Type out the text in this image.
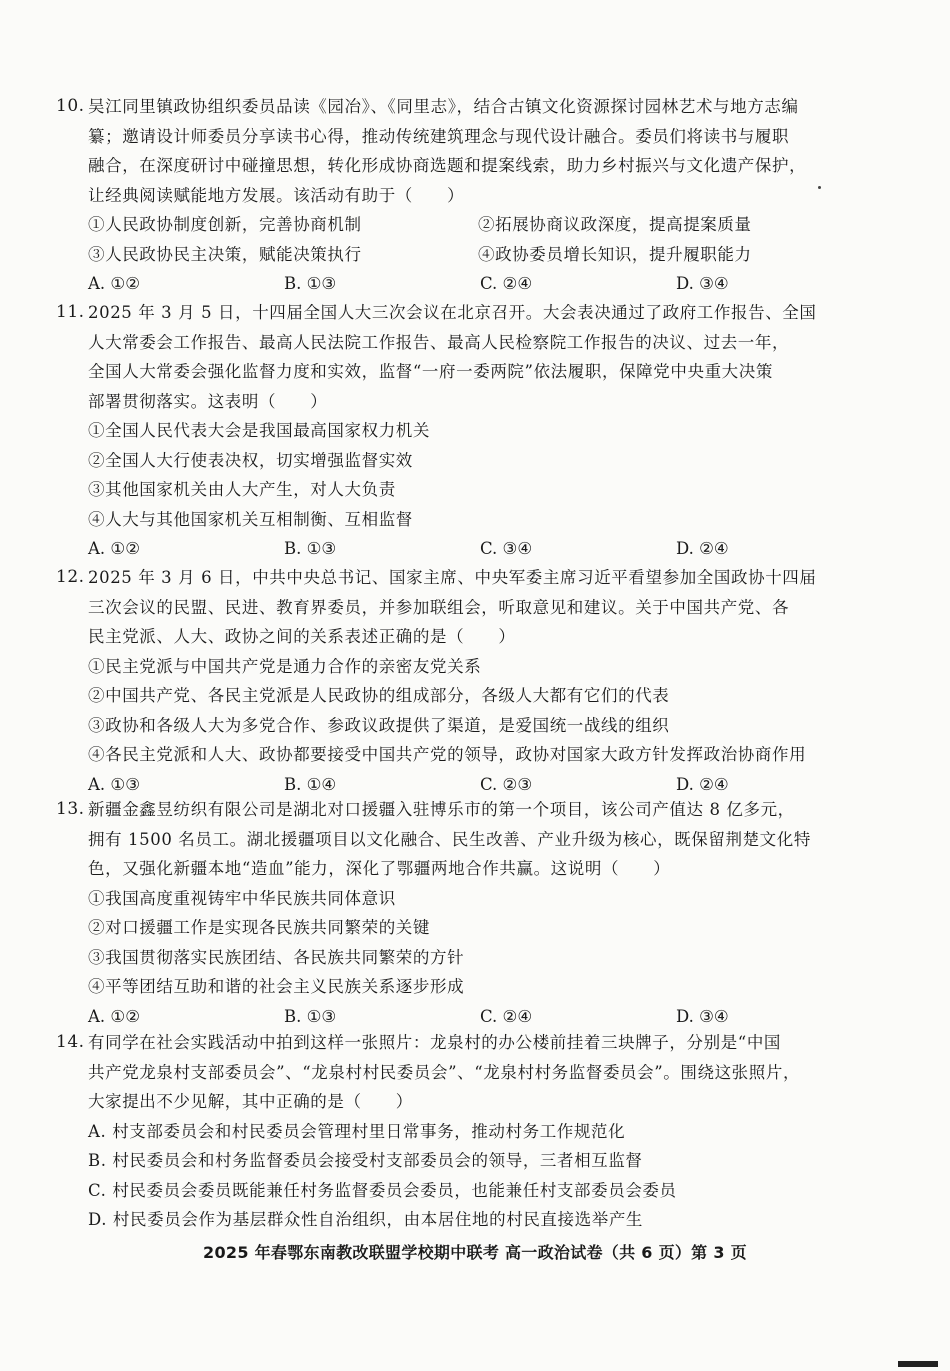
10. 吴江同里镇政协组织委员品读《园冶》、《同里志》，结合古镇文化资源探讨园林艺术与地方志编
纂；邀请设计师委员分享读书心得，推动传统建筑理念与现代设计融合。委员们将读书与履职
融合，在深度研讨中碰撞思想，转化形成协商选题和提案线索，助力乡村振兴与文化遗产保护，
让经典阅读赋能地方发展。该活动有助于（　　）
①人民政协制度创新，完善协商机制	②拓展协商议政深度，提高提案质量
③人民政协民主决策，赋能决策执行	④政协委员增长知识，提升履职能力
A. ①②	B. ①③	C. ②④	D. ③④
11. 2025 年 3 月 5 日，十四届全国人大三次会议在北京召开。大会表决通过了政府工作报告、全国
人大常委会工作报告、最高人民法院工作报告、最高人民检察院工作报告的决议、过去一年，
全国人大常委会强化监督力度和实效，监督“一府一委两院”依法履职，保障党中央重大决策
部署贯彻落实。这表明（　　）
①全国人民代表大会是我国最高国家权力机关
②全国人大行使表决权，切实增强监督实效
③其他国家机关由人大产生，对人大负责
④人大与其他国家机关互相制衡、互相监督
A. ①②	B. ①③	C. ③④	D. ②④
12. 2025 年 3 月 6 日，中共中央总书记、国家主席、中央军委主席习近平看望参加全国政协十四届
三次会议的民盟、民进、教育界委员，并参加联组会，听取意见和建议。关于中国共产党、各
民主党派、人大、政协之间的关系表述正确的是（　　）
①民主党派与中国共产党是通力合作的亲密友党关系
②中国共产党、各民主党派是人民政协的组成部分，各级人大都有它们的代表
③政协和各级人大为多党合作、参政议政提供了渠道，是爱国统一战线的组织
④各民主党派和人大、政协都要接受中国共产党的领导，政协对国家大政方针发挥政治协商作用
A. ①③	B. ①④	C. ②③	D. ②④
13. 新疆金鑫昱纺织有限公司是湖北对口援疆入驻博乐市的第一个项目，该公司产值达 8 亿多元，
拥有 1500 名员工。湖北援疆项目以文化融合、民生改善、产业升级为核心，既保留荆楚文化特
色，又强化新疆本地“造血”能力，深化了鄂疆两地合作共赢。这说明（　　）
①我国高度重视铸牢中华民族共同体意识
②对口援疆工作是实现各民族共同繁荣的关键
③我国贯彻落实民族团结、各民族共同繁荣的方针
④平等团结互助和谐的社会主义民族关系逐步形成
A. ①②	B. ①③	C. ②④	D. ③④
14. 有同学在社会实践活动中拍到这样一张照片：龙泉村的办公楼前挂着三块牌子，分别是“中国
共产党龙泉村支部委员会”、“龙泉村村民委员会”、“龙泉村村务监督委员会”。围绕这张照片，
大家提出不少见解，其中正确的是（　　）
A. 村支部委员会和村民委员会管理村里日常事务，推动村务工作规范化
B. 村民委员会和村务监督委员会接受村支部委员会的领导，三者相互监督
C. 村民委员会委员既能兼任村务监督委员会委员，也能兼任村支部委员会委员
D. 村民委员会作为基层群众性自治组织，由本居住地的村民直接选举产生
2025 年春鄂东南教改联盟学校期中联考 高一政治试卷（共 6 页）第 3 页
